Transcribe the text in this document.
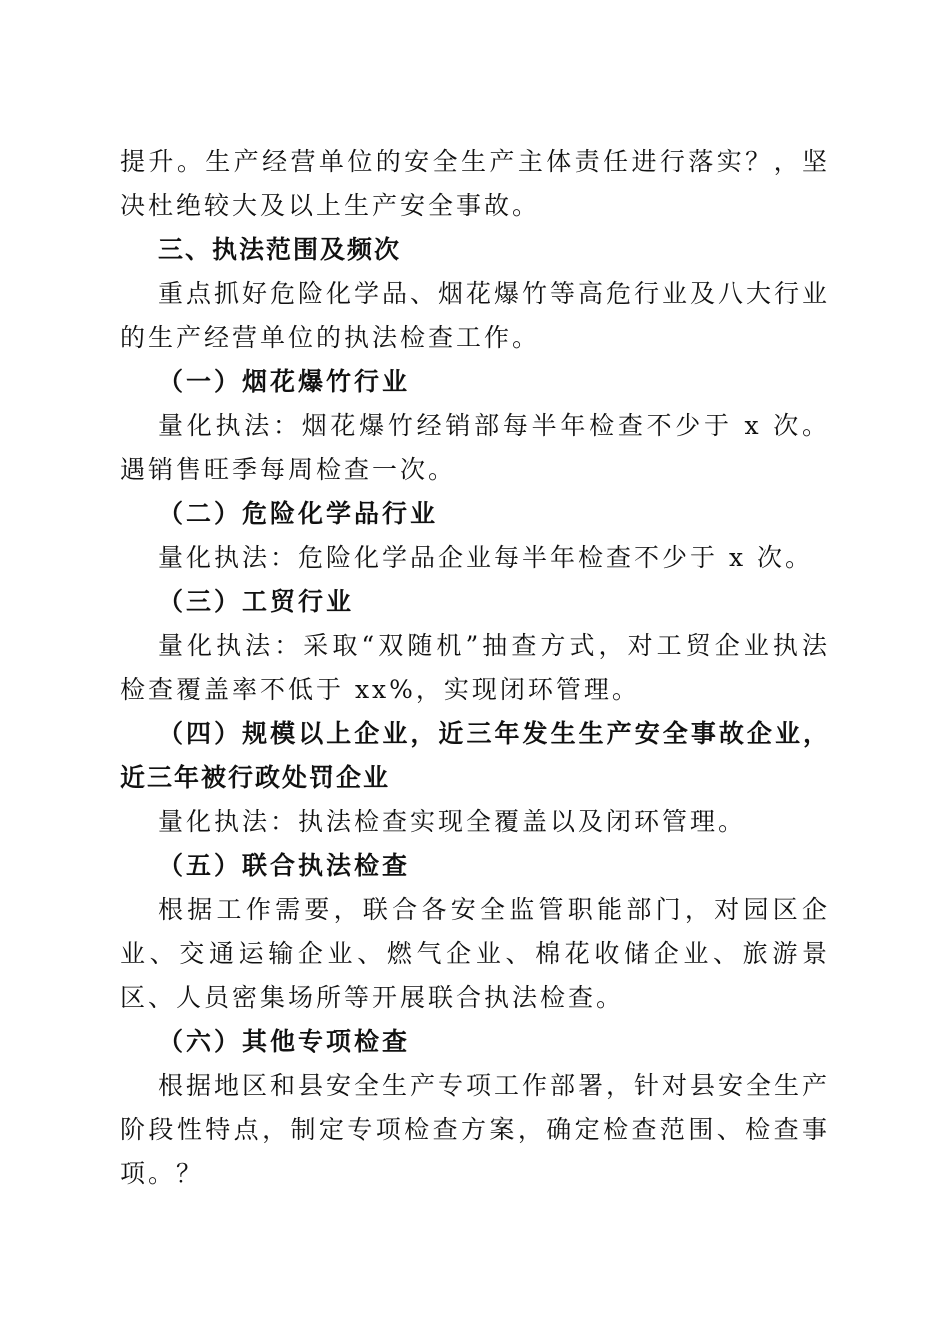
提升。生产经营单位的安全生产主体责任进行落实？，坚决杜绝较大及以上生产安全事故。

三、执法范围及频次

重点抓好危险化学品、烟花爆竹等高危行业及八大行业的生产经营单位的执法检查工作。

（一）烟花爆竹行业

量化执法：烟花爆竹经销部每半年检查不少于 x 次。遇销售旺季每周检查一次。

（二）危险化学品行业

量化执法：危险化学品企业每半年检查不少于 x 次。

（三）工贸行业

量化执法：采取“双随机”抽查方式，对工贸企业执法检查覆盖率不低于 xx%，实现闭环管理。

（四）规模以上企业，近三年发生生产安全事故企业，近三年被行政处罚企业

量化执法：执法检查实现全覆盖以及闭环管理。

（五）联合执法检查

根据工作需要，联合各安全监管职能部门，对园区企业、交通运输企业、燃气企业、棉花收储企业、旅游景区、人员密集场所等开展联合执法检查。

（六）其他专项检查

根据地区和县安全生产专项工作部署，针对县安全生产阶段性特点，制定专项检查方案，确定检查范围、检查事项。？
